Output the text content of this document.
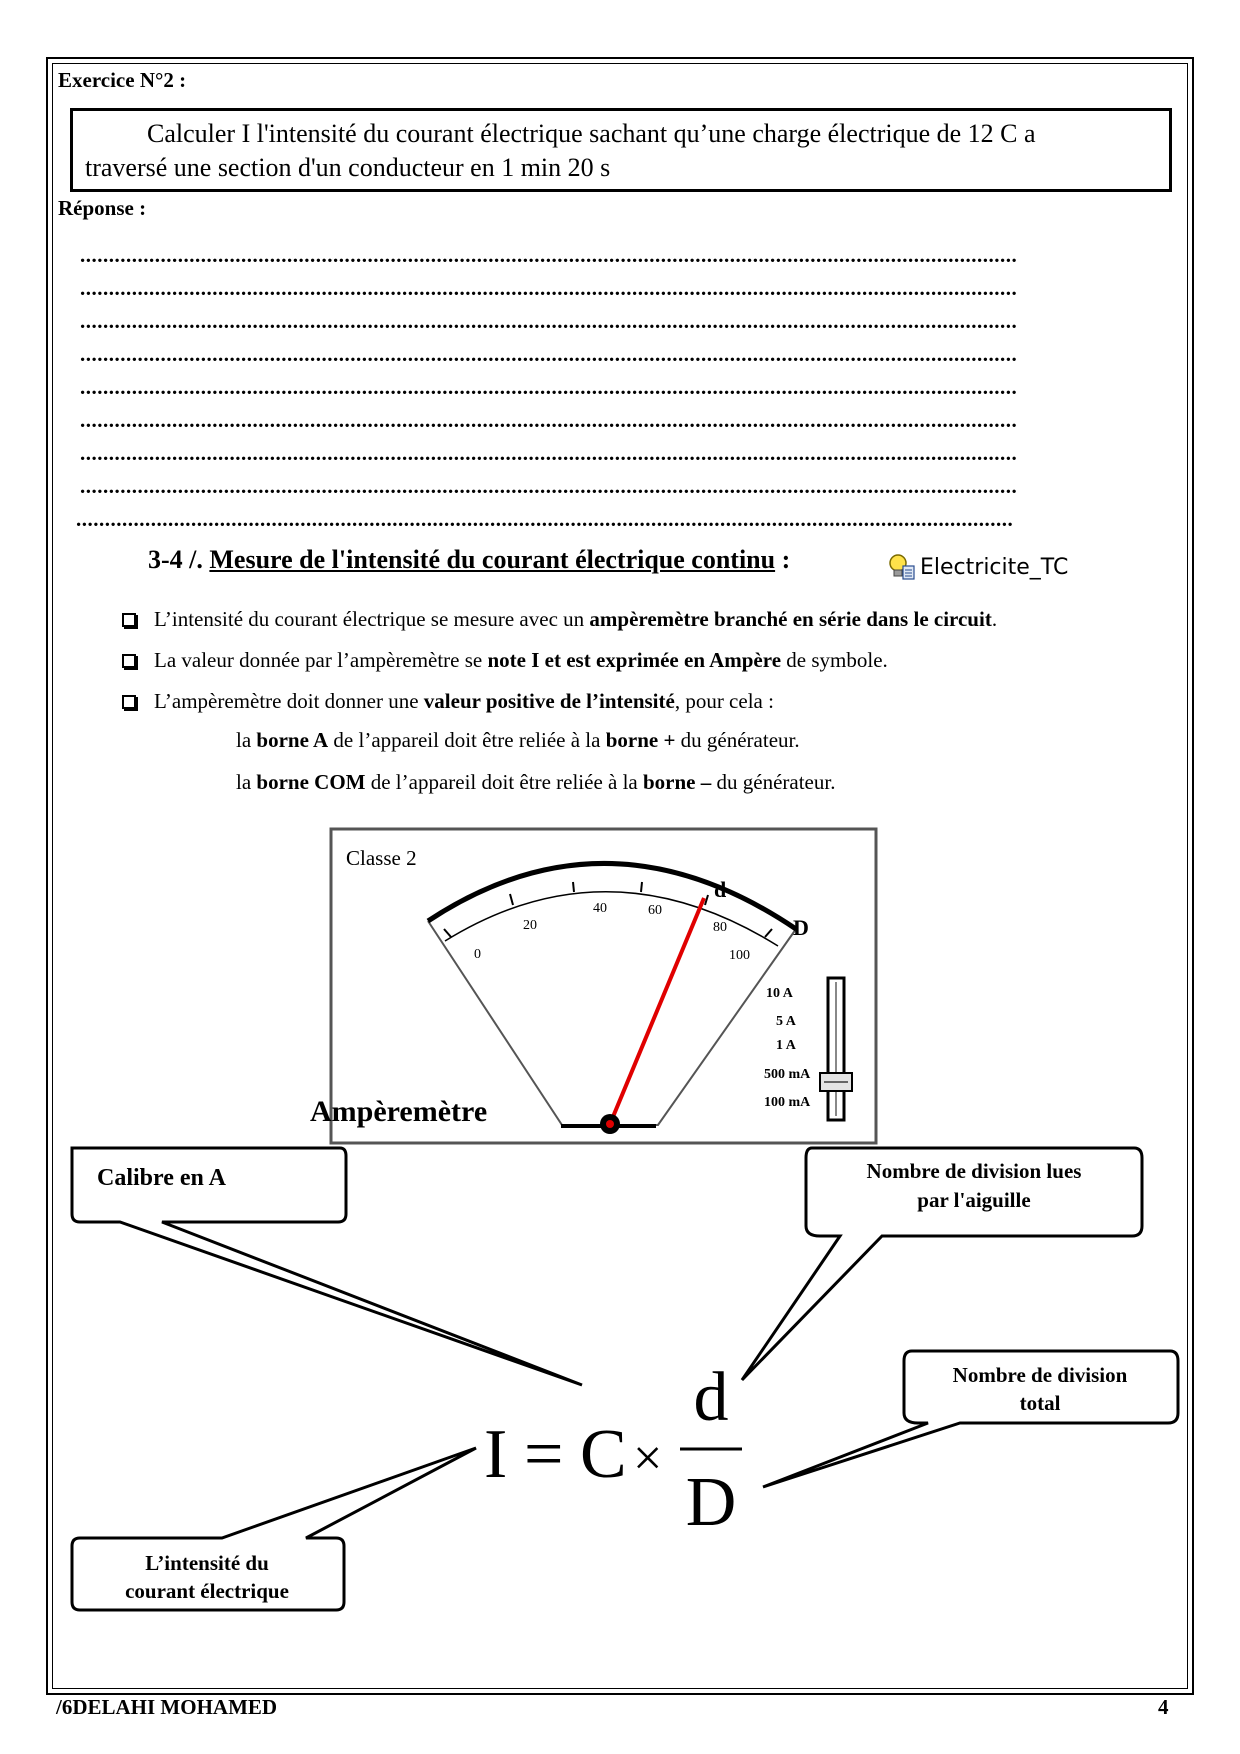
Exercice N°2 :
Calculer I l'intensité du courant électrique sachant qu’une charge électrique de 12 C a
traversé une section d'un conducteur en 1 min 20 s
Réponse :
...................................................................................................................................................................
...................................................................................................................................................................
...................................................................................................................................................................
...................................................................................................................................................................
...................................................................................................................................................................
...................................................................................................................................................................
...................................................................................................................................................................
...................................................................................................................................................................
...................................................................................................................................................................
3-4 /. Mesure de l'intensité du courant électrique continu :	Electricite_TC
L’intensité du courant électrique se mesure avec un ampèremètre branché en série dans le circuit.
La valeur donnée par l’ampèremètre se note I et est exprimée en Ampère de symbole.
L’ampèremètre doit donner une valeur positive de l’intensité, pour cela :
la borne A de l’appareil doit être reliée à la borne + du générateur.
la borne COM de l’appareil doit être reliée à la borne – du générateur.
Classe 2
0
20
40	60
80
100
d
D
10 A
5 A
1 A
500 mA
100 mA
Ampèremètre
Calibre en A	Nombre de division lues
par l'aiguille
Nombre de division
total
L’intensité du
courant électrique
I = C ×
d
D
/6DELAHI MOHAMED	4
